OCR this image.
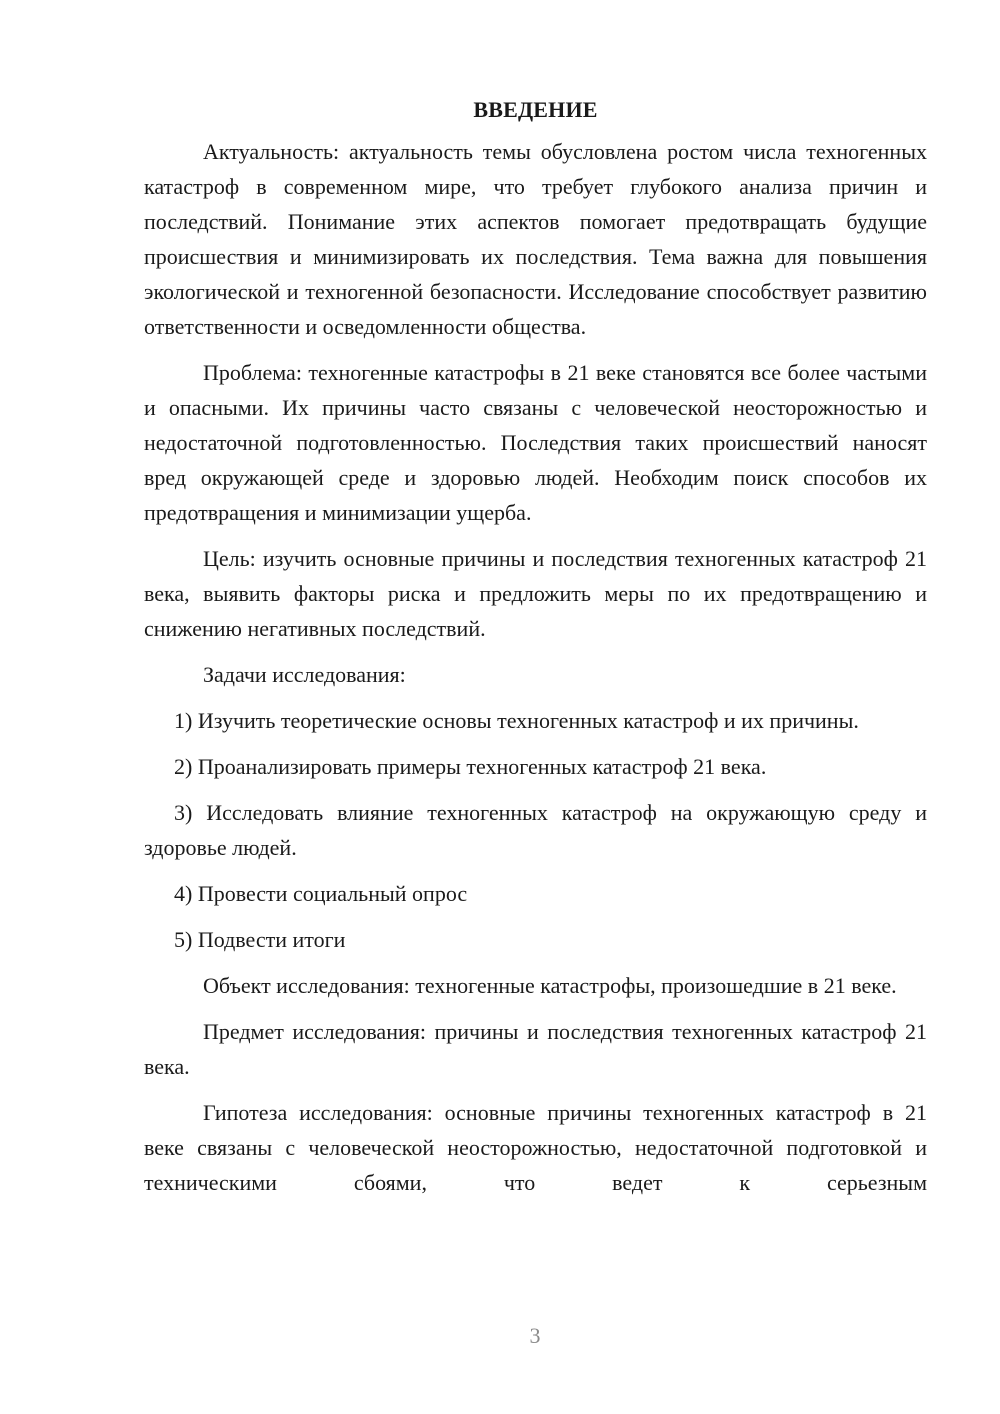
ВВЕДЕНИЕ

Актуальность: актуальность темы обусловлена ростом числа техногенных катастроф в современном мире, что требует глубокого анализа причин и последствий. Понимание этих аспектов помогает предотвращать будущие происшествия и минимизировать их последствия. Тема важна для повышения экологической и техногенной безопасности. Исследование способствует развитию ответственности и осведомленности общества.

Проблема: техногенные катастрофы в 21 веке становятся все более частыми и опасными. Их причины часто связаны с человеческой неосторожностью и недостаточной подготовленностью. Последствия таких происшествий наносят вред окружающей среде и здоровью людей. Необходим поиск способов их предотвращения и минимизации ущерба.

Цель: изучить основные причины и последствия техногенных катастроф 21 века, выявить факторы риска и предложить меры по их предотвращению и снижению негативных последствий.

Задачи исследования:

1) Изучить теоретические основы техногенных катастроф и их причины.

2) Проанализировать примеры техногенных катастроф 21 века.

3) Исследовать влияние техногенных катастроф на окружающую среду и здоровье людей.

4) Провести социальный опрос

5) Подвести итоги

Объект исследования: техногенные катастрофы, произошедшие в 21 веке.

Предмет исследования: причины и последствия техногенных катастроф 21 века.

Гипотеза исследования: основные причины техногенных катастроф в 21 веке связаны с человеческой неосторожностью, недостаточной подготовкой и техническими сбоями, что ведет к серьезным

3
